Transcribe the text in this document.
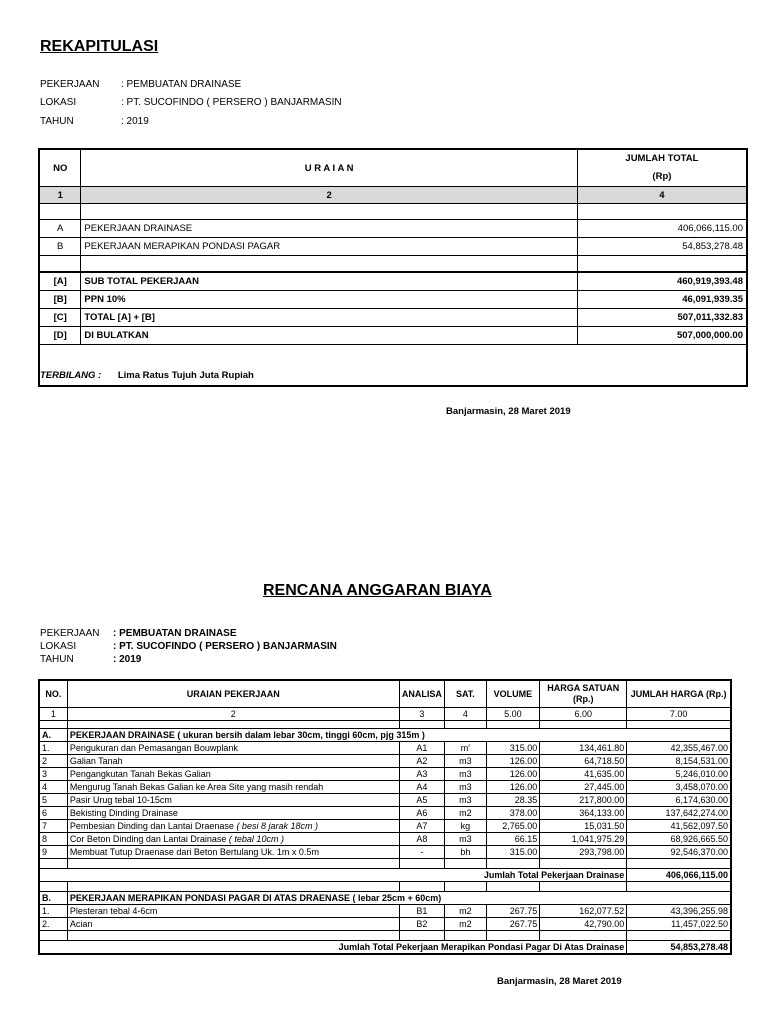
REKAPITULASI
PEKERJAAN	: PEMBUATAN DRAINASE
LOKASI	: PT. SUCOFINDO ( PERSERO ) BANJARMASIN
TAHUN	: 2019
NO	U R A I A N	JUMLAH TOTAL
(Rp)

1	2	4

A	PEKERJAAN DRAINASE	406,066,115.00
B	PEKERJAAN MERAPIKAN PONDASI PAGAR	54,853,278.48

[A]	SUB TOTAL PEKERJAAN	460,919,393.48
[B]	PPN 10%	46,091,939.35
[C]	TOTAL [A] + [B]	507,011,332.83
[D]	DI BULATKAN	507,000,000.00
TERBILANG : Lima Ratus Tujuh Juta Rupiah		
Banjarmasin, 28 Maret 2019
RENCANA ANGGARAN BIAYA
PEKERJAAN	: PEMBUATAN DRAINASE
LOKASI	: PT. SUCOFINDO ( PERSERO ) BANJARMASIN
TAHUN	: 2019
NO.	URAIAN PEKERJAAN	ANALISA	SAT.	VOLUME	HARGA SATUAN (Rp.)	JUMLAH HARGA (Rp.)
1	2	3	4	5.00	6.00	7.00

A.	PEKERJAAN DRAINASE ( ukuran bersih dalam lebar 30cm, tinggi 60cm, pjg 315m )					
1.	Pengukuran dan Pemasangan Bouwplank	A1	m'	315.00	134,461.80	42,355,467.00
2	Galian Tanah	A2	m3	126.00	64,718.50	8,154,531.00
3	Pengangkutan Tanah Bekas Galian	A3	m3	126.00	41,635.00	5,246,010.00
4	Mengurug Tanah Bekas Galian ke Area Site yang masih rendah	A4	m3	126.00	27,445.00	3,458,070.00
5	Pasir Urug tebal 10-15cm	A5	m3	28.35	217,800.00	6,174,630.00
6	Bekisting Dinding Drainase	A6	m2	378.00	364,133.00	137,642,274.00
7	Pembesian Dinding dan Lantai Draenase ( besi 8 jarak 18cm )	A7	kg	2,765.00	15,031.50	41,562,097.50
8	Cor Beton Dinding dan Lantai Drainase ( tebal 10cm )	A8	m3	66.15	1,041,975.29	68,926,665.50
9	Membuat Tutup Draenase dari Beton Bertulang Uk. 1m x 0.5m	-	bh	315.00	293,798.00	92,546,370.00

Jumlah Total Pekerjaan Drainase						406,066,115.00

B.	PEKERJAAN MERAPIKAN PONDASI PAGAR DI ATAS DRAENASE ( lebar 25cm + 60cm)					
1.	Plesteran tebal 4-6cm	B1	m2	267.75	162,077.52	43,396,255.98
2.	Acian	B2	m2	267.75	42,790.00	11,457,022.50

Jumlah Total Pekerjaan Merapikan Pondasi Pagar Di Atas Drainase						54,853,278.48
Banjarmasin, 28 Maret 2019
